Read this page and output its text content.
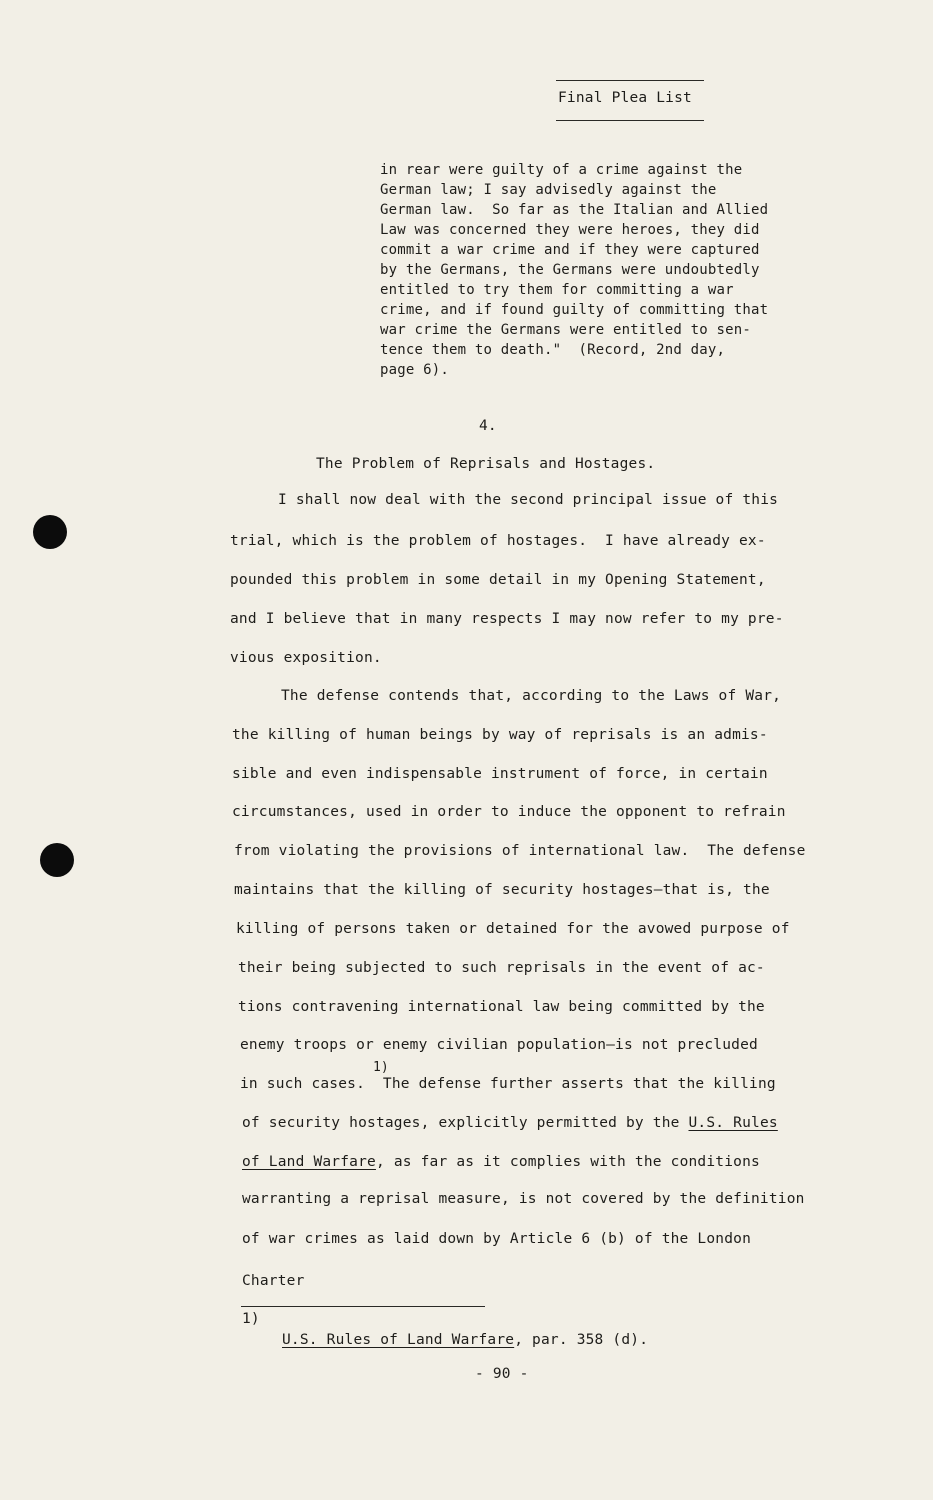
Final Plea List
in rear were guilty of a crime against the
German law; I say advisedly against the
German law.  So far as the Italian and Allied
Law was concerned they were heroes, they did
commit a war crime and if they were captured
by the Germans, the Germans were undoubtedly
entitled to try them for committing a war
crime, and if found guilty of committing that
war crime the Germans were entitled to sen-
tence them to death."  (Record, 2nd day,
page 6).
4.
The Problem of Reprisals and Hostages.
I shall now deal with the second principal issue of this
trial, which is the problem of hostages.  I have already ex-
pounded this problem in some detail in my Opening Statement,
and I believe that in many respects I may now refer to my pre-
vious exposition.
The defense contends that, according to the Laws of War,
the killing of human beings by way of reprisals is an admis-
sible and even indispensable instrument of force, in certain
circumstances, used in order to induce the opponent to refrain
from violating the provisions of international law.  The defense
maintains that the killing of security hostages—that is, the
killing of persons taken or detained for the avowed purpose of
their being subjected to such reprisals in the event of ac-
tions contravening international law being committed by the
enemy troops or enemy civilian population—is not precluded
in such cases.  The defense further asserts that the killing
1)
of security hostages, explicitly permitted by the U.S. Rules
of Land Warfare, as far as it complies with the conditions
warranting a reprisal measure, is not covered by the definition
of war crimes as laid down by Article 6 (b) of the London
Charter
1)
U.S. Rules of Land Warfare, par. 358 (d).
- 90 -
